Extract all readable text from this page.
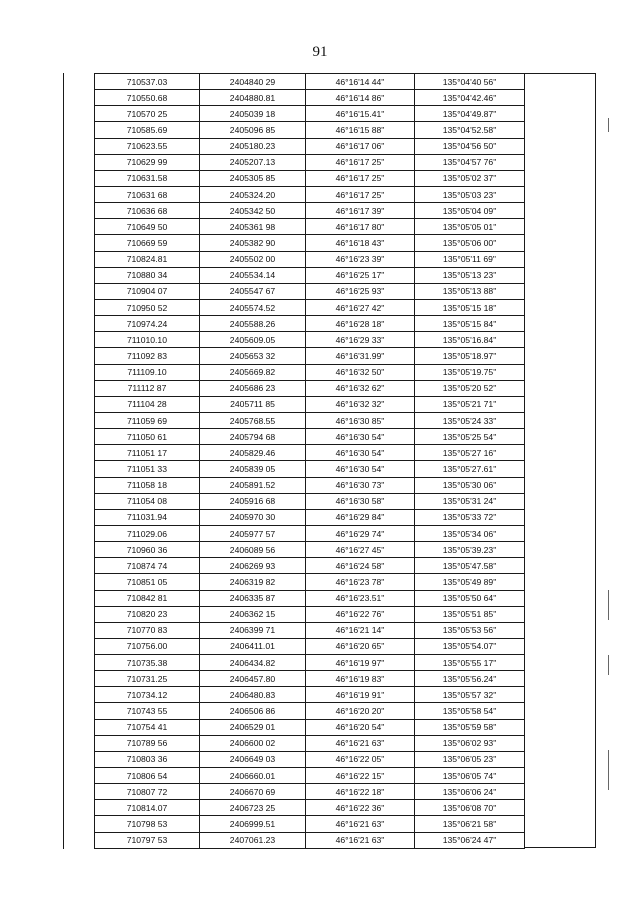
91
	710537.03	2404840 29	46°16'14 44"	135°04'40 56"
	710550.68	2404880.81	46°16'14 86"	135°04'42.46"
	710570 25	2405039 18	46°16'15.41"	135°04'49.87"
	710585.69	2405096 85	46°16'15 88"	135°04'52.58"
	710623.55	2405180.23	46°16'17 06"	135°04'56 50"
	710629 99	2405207.13	46°16'17 25"	135°04'57 76"
	710631.58	2405305 85	46°16'17 25"	135°05'02 37"
	710631 68	2405324.20	46°16'17 25"	135°05'03 23"
	710636 68	2405342 50	46°16'17 39"	135°05'04 09"
	710649 50	2405361 98	46°16'17 80"	135°05'05 01"
	710669 59	2405382 90	46°16'18 43"	135°05'06 00"
	710824.81	2405502 00	46°16'23 39"	135°05'11 69"
	710880 34	2405534.14	46°16'25 17"	135°05'13 23"
	710904 07	2405547 67	46°16'25 93"	135°05'13 88"
	710950 52	2405574.52	46°16'27 42"	135°05'15 18"
	710974.24	2405588.26	46°16'28 18"	135°05'15 84"
	711010.10	2405609.05	46°16'29 33"	135°05'16.84"
	711092 83	2405653 32	46°16'31.99"	135°05'18.97"
	711109.10	2405669.82	46°16'32 50"	135°05'19.75"
	711112 87	2405686 23	46°16'32 62"	135°05'20 52"
	711104 28	2405711 85	46°16'32 32"	135°05'21 71"
	711059 69	2405768.55	46°16'30 85"	135°05'24 33"
	711050 61	2405794 68	46°16'30 54"	135°05'25 54"
	711051 17	2405829.46	46°16'30 54"	135°05'27 16"
	711051 33	2405839 05	46°16'30 54"	135°05'27.61"
	711058 18	2405891.52	46°16'30 73"	135°05'30 06"
	711054 08	2405916 68	46°16'30 58"	135°05'31 24"
	711031.94	2405970 30	46°16'29 84"	135°05'33 72"
	711029.06	2405977 57	46°16'29 74"	135°05'34 06"
	710960 36	2406089 56	46°16'27 45"	135°05'39.23"
	710874 74	2406269 93	46°16'24 58"	135°05'47.58"
	710851 05	2406319 82	46°16'23 78"	135°05'49 89"
	710842 81	2406335 87	46°16'23.51"	135°05'50 64"
	710820 23	2406362 15	46°16'22 76"	135°05'51 85"
	710770 83	2406399 71	46°16'21 14"	135°05'53 56"
	710756.00	2406411.01	46°16'20 65"	135°05'54.07"
	710735.38	2406434.82	46°16'19 97"	135°05'55 17"
	710731.25	2406457.80	46°16'19 83"	135°05'56.24"
	710734.12	2406480.83	46°16'19 91"	135°05'57 32"
	710743 55	2406506 86	46°16'20 20"	135°05'58 54"
	710754 41	2406529 01	46°16'20 54"	135°05'59 58"
	710789 56	2406600 02	46°16'21 63"	135°06'02 93"
	710803 36	2406649 03	46°16'22 05"	135°06'05 23"
	710806 54	2406660.01	46°16'22 15"	135°06'05 74"
	710807 72	2406670 69	46°16'22 18"	135°06'06 24"
	710814.07	2406723 25	46°16'22 36"	135°06'08 70"
	710798 53	2406999.51	46°16'21 63"	135°06'21 58"
	710797 53	2407061.23	46°16'21 63"	135°06'24 47"
